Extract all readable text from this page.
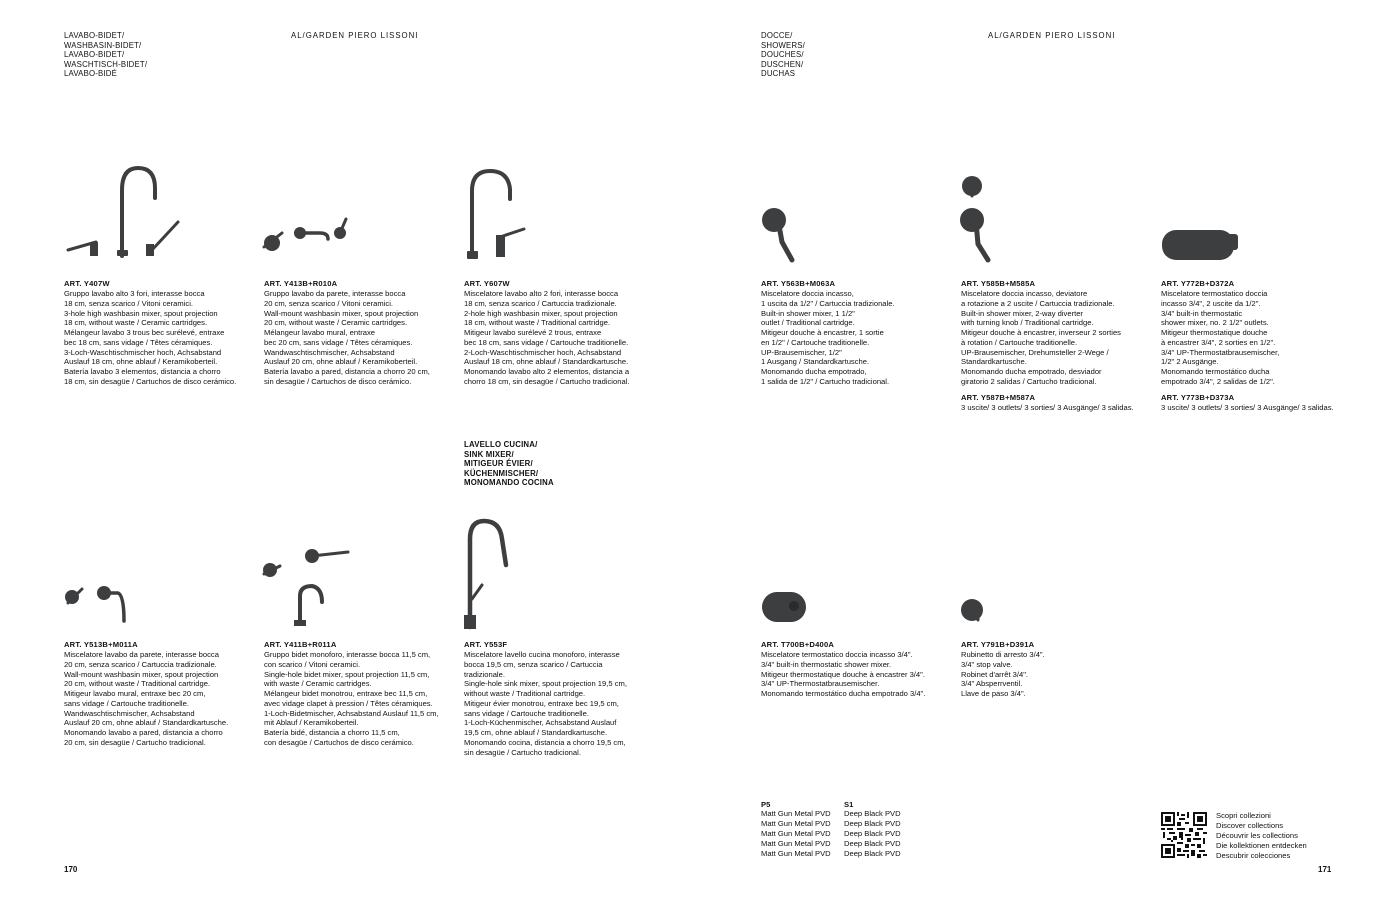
LAVABO-BIDET/
WASHBASIN-BIDET/
LAVABO-BIDET/
WASCHTISCH-BIDET/
LAVABO-BIDÉ
AL/GARDEN PIERO LISSONI
ART. Y407W
Gruppo lavabo alto 3 fori, interasse bocca
18 cm, senza scarico / Vitoni ceramici.
3-hole high washbasin mixer, spout projection
18 cm, without waste / Ceramic cartridges.
Mélangeur lavabo 3 trous bec surélevé, entraxe
bec 18 cm, sans vidage / Têtes céramiques.
3-Loch-Waschtischmischer hoch, Achsabstand
Auslauf 18 cm, ohne ablauf / Keramikoberteil.
Batería lavabo 3 elementos, distancia a chorro
18 cm, sin desagüe / Cartuchos de disco cerámico.
ART. Y413B+R010A
Gruppo lavabo da parete, interasse bocca
20 cm, senza scarico / Vitoni ceramici.
Wall-mount washbasin mixer, spout projection
20 cm, without waste / Ceramic cartridges.
Mélangeur lavabo mural, entraxe
bec 20 cm, sans vidage / Têtes céramiques.
Wandwaschtischmischer, Achsabstand
Auslauf 20 cm, ohne ablauf / Keramikoberteil.
Batería lavabo a pared, distancia a chorro 20 cm,
sin desagüe / Cartuchos de disco cerámico.
ART. Y607W
Miscelatore lavabo alto 2 fori, interasse bocca
18 cm, senza scarico / Cartuccia tradizionale.
2-hole high washbasin mixer, spout projection
18 cm, without waste / Traditional cartridge.
Mitigeur lavabo surélevé 2 trous, entraxe
bec 18 cm, sans vidage / Cartouche traditionelle.
2-Loch-Waschtischmischer hoch, Achsabstand
Auslauf 18 cm, ohne ablauf / Standardkartusche.
Monomando lavabo alto 2 elementos, distancia a
chorro 18 cm, sin desagüe / Cartucho tradicional.
LAVELLO CUCINA/
SINK MIXER/
MITIGEUR ÉVIER/
KÜCHENMISCHER/
MONOMANDO COCINA
ART. Y513B+M011A
Miscelatore lavabo da parete, interasse bocca
20 cm, senza scarico / Cartuccia tradizionale.
Wall-mount washbasin mixer, spout projection
20 cm, without waste / Traditional cartridge.
Mitigeur lavabo mural, entraxe bec 20 cm,
sans vidage / Cartouche traditionelle.
Wandwaschtischmischer, Achsabstand
Auslauf 20 cm, ohne ablauf / Standardkartusche.
Monomando lavabo a pared, distancia a chorro
20 cm, sin desagüe / Cartucho tradicional.
ART. Y411B+R011A
Gruppo bidet monoforo, interasse bocca 11,5 cm,
con scarico / Vitoni ceramici.
Single-hole bidet mixer, spout projection 11,5 cm,
with waste / Ceramic cartridges.
Mélangeur bidet monotrou, entraxe bec 11,5 cm,
avec vidage clapet à pression / Têtes céramiques.
1-Loch-Bidetmischer, Achsabstand Auslauf 11,5 cm,
mit Ablauf / Keramikoberteil.
Batería bidé, distancia a chorro 11,5 cm,
con desagüe / Cartuchos de disco cerámico.
ART. Y553F
Miscelatore lavello cucina monoforo, interasse
bocca 19,5 cm, senza scarico / Cartuccia
tradizionale.
Single-hole sink mixer, spout projection 19,5 cm,
without waste / Traditional cartridge.
Mitigeur évier monotrou, entraxe bec 19,5 cm,
sans vidage / Cartouche traditionelle.
1-Loch-Küchenmischer, Achsabstand Auslauf
19,5 cm, ohne ablauf / Standardkartusche.
Monomando cocina, distancia a chorro 19,5 cm,
sin desagüe / Cartucho tradicional.
170
DOCCE/
SHOWERS/
DOUCHES/
DUSCHEN/
DUCHAS
AL/GARDEN PIERO LISSONI
ART. Y563B+M063A
Miscelatore doccia incasso,
1 uscita da 1/2" / Cartuccia tradizionale.
Built-in shower mixer, 1 1/2"
outlet / Traditional cartridge.
Mitigeur douche à encastrer, 1 sortie
en 1/2" / Cartouche traditionelle.
UP-Brausemischer, 1/2"
1 Ausgang / Standardkartusche.
Monomando ducha empotrado,
1 salida de 1/2" / Cartucho tradicional.
ART. Y585B+M585A
Miscelatore doccia incasso, deviatore
a rotazione a 2 uscite / Cartuccia tradizionale.
Built-in shower mixer, 2-way diverter
with turning knob / Traditional cartridge.
Mitigeur douche à encastrer, inverseur 2 sorties
à rotation / Cartouche traditionelle.
UP-Brausemischer, Drehumsteller 2-Wege /
Standardkartusche.
Monomando ducha empotrado, desviador
giratorio 2 salidas / Cartucho tradicional.
ART. Y587B+M587A
3 uscite/ 3 outlets/ 3 sorties/ 3 Ausgänge/ 3 salidas.
ART. Y772B+D372A
Miscelatore termostatico doccia
incasso 3/4", 2 uscite da 1/2".
3/4" built-in thermostatic
shower mixer, no. 2 1/2" outlets.
Mitigeur thermostatique douche
à encastrer 3/4", 2 sorties en 1/2".
3/4" UP-Thermostatbrausemischer,
1/2" 2 Ausgänge.
Monomando termostático ducha
empotrado 3/4", 2 salidas de 1/2".
ART. Y773B+D373A
3 uscite/ 3 outlets/ 3 sorties/ 3 Ausgänge/ 3 salidas.
ART. T700B+D400A
Miscelatore termostatico doccia incasso 3/4".
3/4" built-in thermostatic shower mixer.
Mitigeur thermostatique douche à encastrer 3/4".
3/4" UP-Thermostatbrausemischer.
Monomando termostático ducha empotrado 3/4".
ART. Y791B+D391A
Rubinetto di arresto 3/4".
3/4" stop valve.
Robinet d'arrêt 3/4".
3/4" Absperrventil.
Llave de paso 3/4".
P5
Matt Gun Metal PVD
Matt Gun Metal PVD
Matt Gun Metal PVD
Matt Gun Metal PVD
Matt Gun Metal PVD
S1
Deep Black PVD
Deep Black PVD
Deep Black PVD
Deep Black PVD
Deep Black PVD
Scopri collezioni
Discover collections
Découvrir les collections
Die kollektionen entdecken
Descubrir colecciones
171
